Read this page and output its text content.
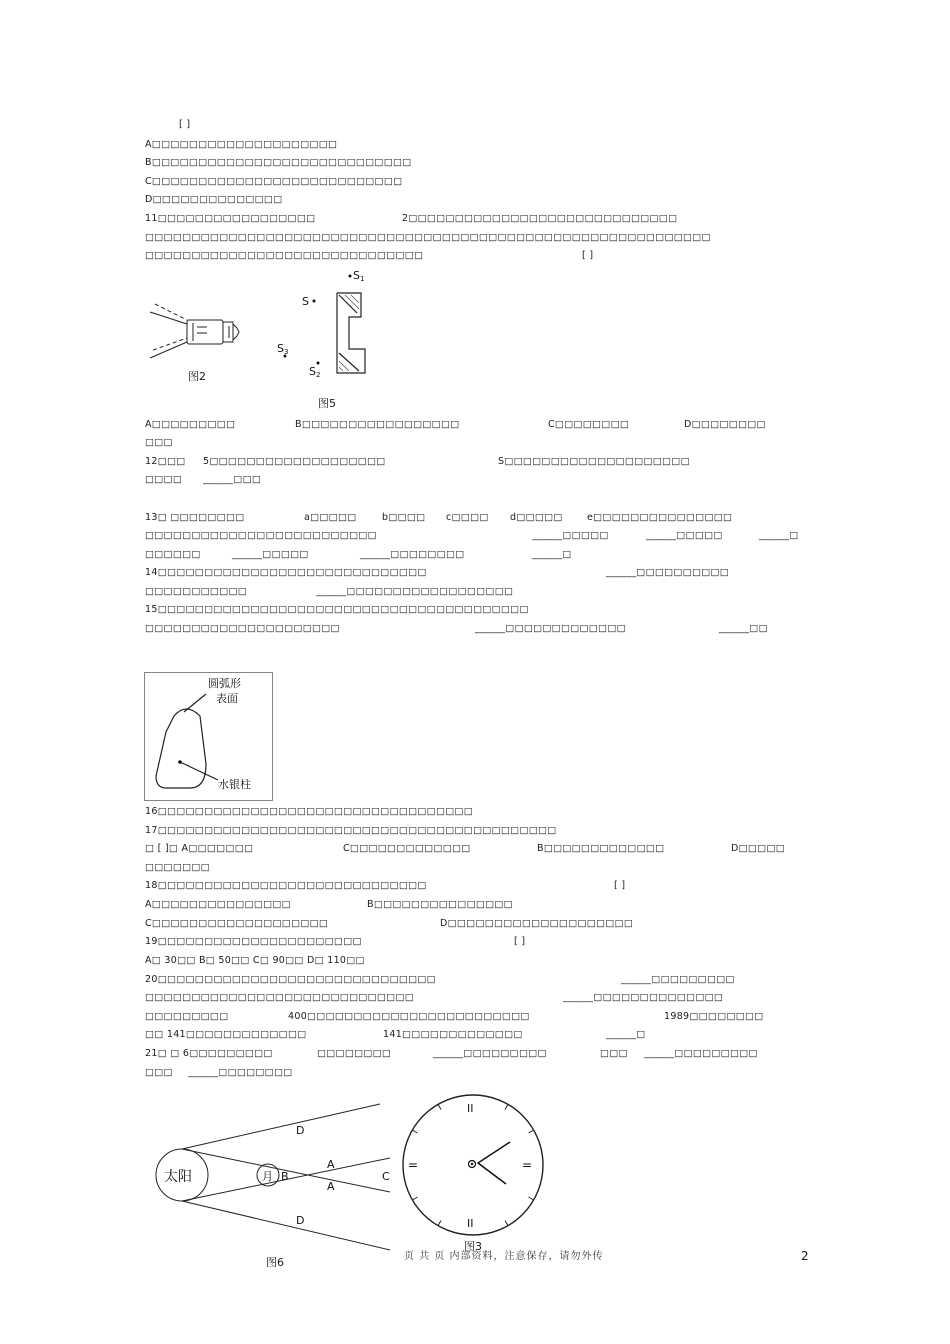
[ ]
A□□□□□□□□□□□□□□□□□□□□
B□□□□□□□□□□□□□□□□□□□□□□□□□□□□
C□□□□□□□□□□□□□□□□□□□□□□□□□□□
D□□□□□□□□□□□□□□
11□□□□□□□□□□□□□□□□□	2□□□□□□□□□□□□□□□□□□□□□□□□□□□□□
□□□□□□□□□□□□□□□□□□□□□□□□□□□□□□□□□□□□□□□□□□□□□□□□□□□□□□□□□□□□□
□□□□□□□□□□□□□□□□□□□□□□□□□□□□□□	[ ]
A□□□□□□□□□	B□□□□□□□□□□□□□□□□□	C□□□□□□□□	D□□□□□□□□
□□□
12□□□ 5□□□□□□□□□□□□□□□□□□□	S□□□□□□□□□□□□□□□□□□□□
□□□□ ______□□□
13□ □□□□□□□□	a□□□□□	b□□□□ c□□□□ d□□□□□	e□□□□□□□□□□□□□□□
□□□□□□□□□□□□□□□□□□□□□□□□□	______□□□□□	______□□□□□	______□
□□□□□□	______□□□□□	______□□□□□□□□	______□
14□□□□□□□□□□□□□□□□□□□□□□□□□□□□□	______□□□□□□□□□□
□□□□□□□□□□□	______□□□□□□□□□□□□□□□□□□
15□□□□□□□□□□□□□□□□□□□□□□□□□□□□□□□□□□□□□□□□
□□□□□□□□□□□□□□□□□□□□□	______□□□□□□□□□□□□□	______□□
16□□□□□□□□□□□□□□□□□□□□□□□□□□□□□□□□□□
17□□□□□□□□□□□□□□□□□□□□□□□□□□□□□□□□□□□□□□□□□□□
□ [ ]□ A□□□□□□□	C□□□□□□□□□□□□□	B□□□□□□□□□□□□□	D□□□□□
□□□□□□□
18□□□□□□□□□□□□□□□□□□□□□□□□□□□□□	[ ]
A□□□□□□□□□□□□□□□	B□□□□□□□□□□□□□□□
C□□□□□□□□□□□□□□□□□□□	D□□□□□□□□□□□□□□□□□□□□
19□□□□□□□□□□□□□□□□□□□□□□	[ ]
A□ 30□□ B□ 50□□ C□ 90□□ D□ 110□□
20□□□□□□□□□□□□□□□□□□□□□□□□□□□□□□	______□□□□□□□□□
□□□□□□□□□□□□□□□□□□□□□□□□□□□□□	______□□□□□□□□□□□□□□
□□□□□□□□□	400□□□□□□□□□□□□□□□□□□□□□□□□	1989□□□□□□□□
□□ 141□□□□□□□□□□□□□	141□□□□□□□□□□□□□	______□
21□ □ 6□□□□□□□□□	□□□□□□□□	______□□□□□□□□□	□□□ ______□□□□□□□□□
□□□ ______□□□□□□□□
2
页 共 页 内部资料，注意保存，请勿外传
图2
S
S 1
S 3
S 2
图5
圆弧形
表面
水银柱
太阳	月 B
A
A
C
D
D
图6
II
=
II
=
图3
